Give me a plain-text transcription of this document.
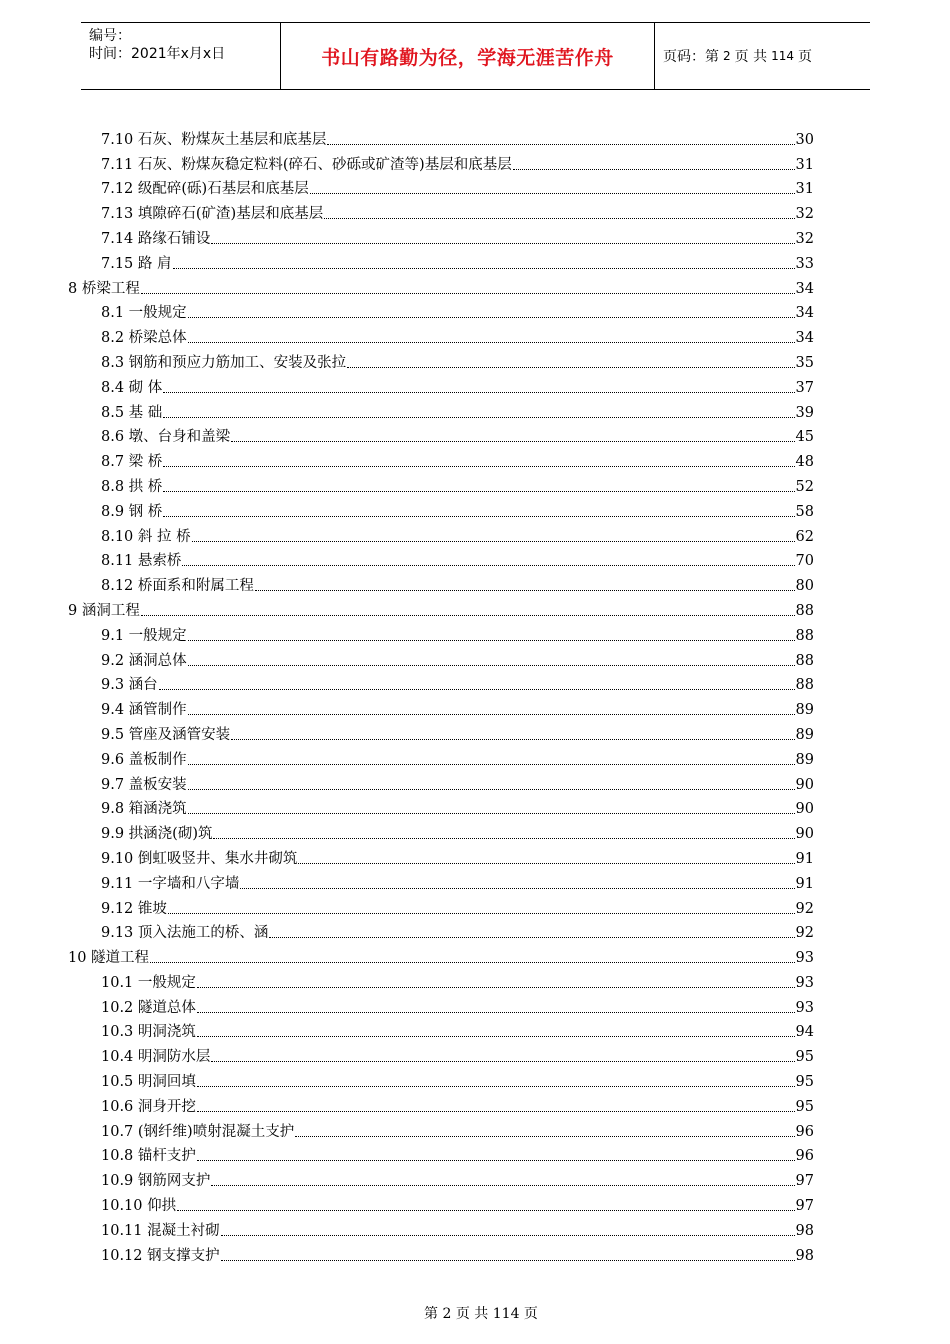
编号：
时间：2021年x月x日	书山有路勤为径，学海无涯苦作舟	页码：第 2 页 共 114 页
7.10 石灰、粉煤灰土基层和底基层	30
7.11 石灰、粉煤灰稳定粒料(碎石、砂砾或矿渣等)基层和底基层	31
7.12 级配碎(砾)石基层和底基层	31
7.13 填隙碎石(矿渣)基层和底基层	32
7.14 路缘石铺设	32
7.15 路 肩	33
8 桥梁工程	34
8.1 一般规定	34
8.2 桥梁总体	34
8.3 钢筋和预应力筋加工、安装及张拉	35
8.4 砌 体	37
8.5 基 础	39
8.6 墩、台身和盖梁	45
8.7 梁 桥	48
8.8 拱 桥	52
8.9 钢 桥	58
8.10 斜 拉 桥	62
8.11 悬索桥	70
8.12 桥面系和附属工程	80
9 涵洞工程	88
9.1 一般规定	88
9.2 涵洞总体	88
9.3 涵台	88
9.4 涵管制作	89
9.5 管座及涵管安装	89
9.6 盖板制作	89
9.7 盖板安装	90
9.8 箱涵浇筑	90
9.9 拱涵浇(砌)筑	90
9.10 倒虹吸竖井、集水井砌筑	91
9.11 一字墙和八字墙	91
9.12 锥坡	92
9.13 顶入法施工的桥、涵	92
10 隧道工程	93
10.1 一般规定	93
10.2 隧道总体	93
10.3 明洞浇筑	94
10.4 明洞防水层	95
10.5 明洞回填	95
10.6 洞身开挖	95
10.7 (钢纤维)喷射混凝土支护	96
10.8 锚杆支护	96
10.9 钢筋网支护	97
10.10 仰拱	97
10.11 混凝土衬砌	98
10.12 钢支撑支护	98
第 2 页 共 114 页
